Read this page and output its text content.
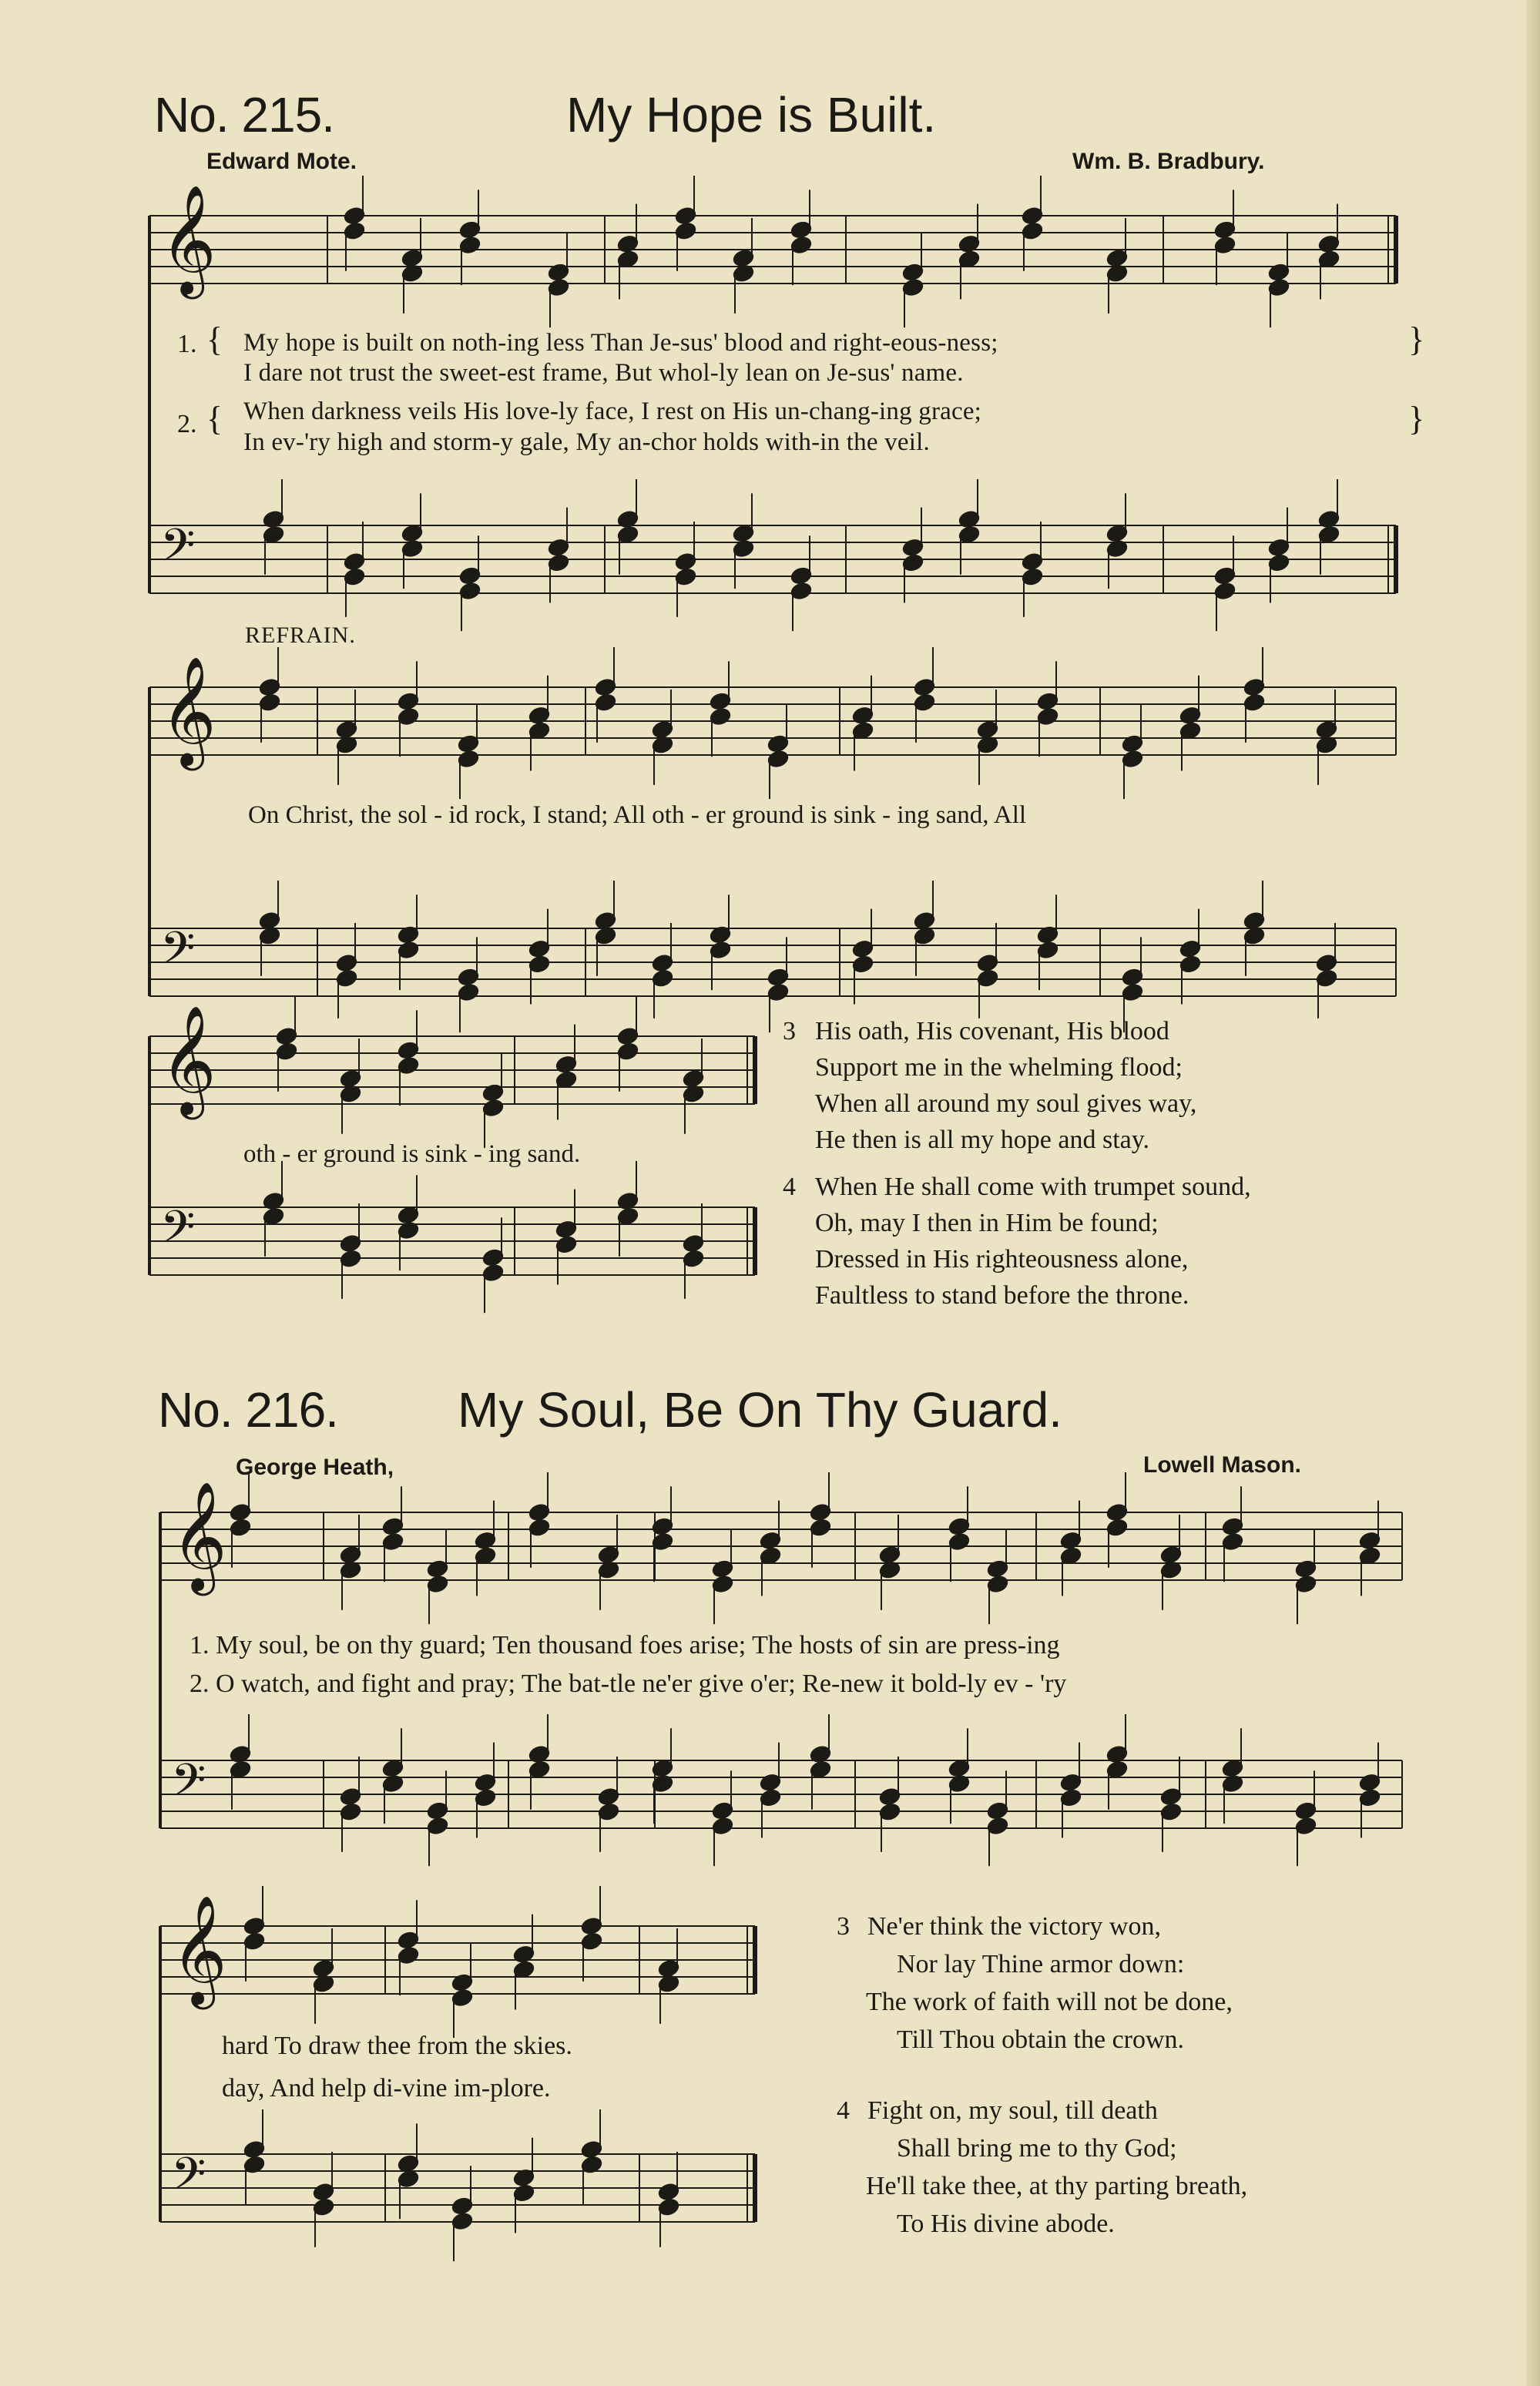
No. 215.	My Hope is Built.
Edward Mote.	Wm. B. Bradbury.
1. { My hope is built on noth-ing less Than Je-sus' blood and right-eous-ness;
I dare not trust the sweet-est frame, But whol-ly lean on Je-sus' name.
}
2. { When darkness veils His love-ly face, I rest on His un-chang-ing grace;
In ev-'ry high and storm-y gale, My an-chor holds with-in the veil.
}
REFRAIN.
On Christ, the sol - id rock, I stand; All oth - er ground is sink - ing sand, All
oth - er ground is sink - ing sand.
3 His oath, His covenant, His blood
Support me in the whelming flood;
When all around my soul gives way,
He then is all my hope and stay.
4 When He shall come with trumpet sound,
Oh, may I then in Him be found;
Dressed in His righteousness alone,
Faultless to stand before the throne.
No. 216. My Soul, Be On Thy Guard.
George Heath,	Lowell Mason.
1. My soul, be on thy guard; Ten thousand foes arise; The hosts of sin are press-ing
2. O watch, and fight and pray; The bat-tle ne'er give o'er; Re-new it bold-ly ev - 'ry
hard To draw thee from the skies.
day, And help di-vine im-plore.
3 Ne'er think the victory won,
Nor lay Thine armor down:
The work of faith will not be done,
Till Thou obtain the crown.
4 Fight on, my soul, till death
Shall bring me to thy God;
He'll take thee, at thy parting breath,
To His divine abode.
𝄞
𝄢
𝄞
𝄢
𝄞
𝄢
𝄞
𝄢
𝄞
𝄢
